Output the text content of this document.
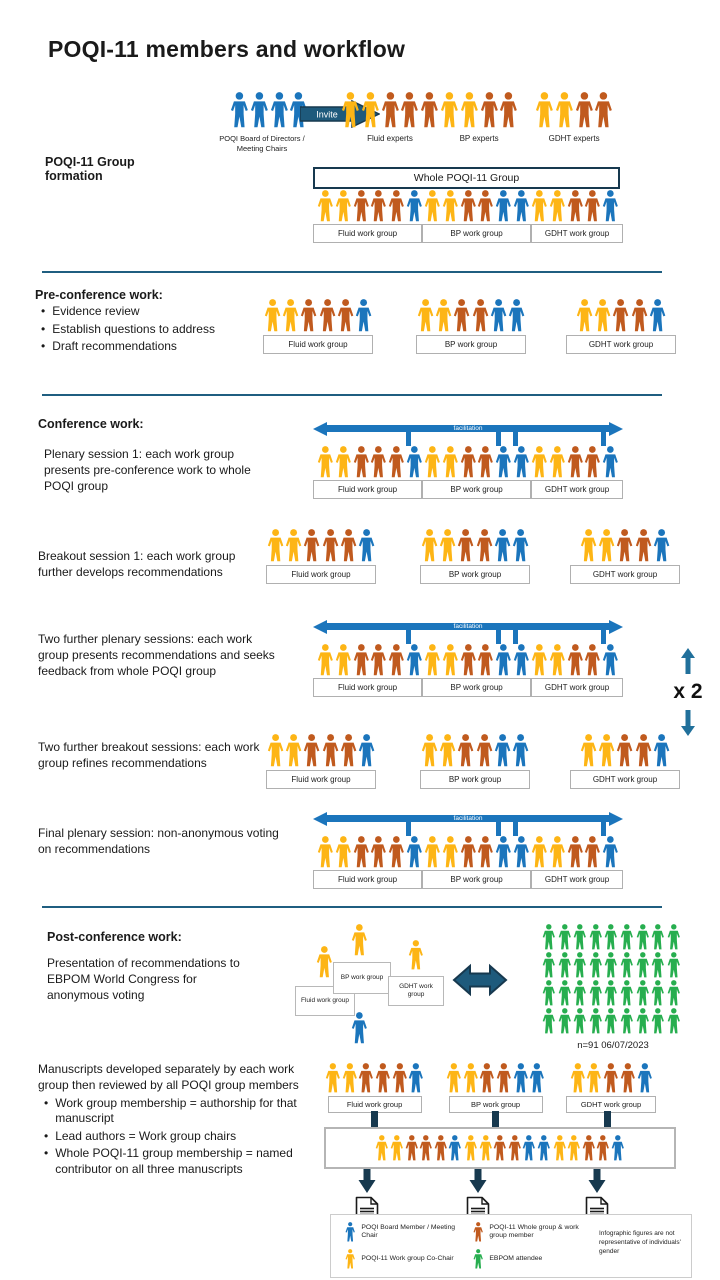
POQI-11 members and workflow
POQI Board of Directors / Meeting Chairs
Invite
Fluid experts	BP experts	GDHT experts
POQI-11 Group formation	Whole POQI-11 Group
Fluid work group	BP work group	GDHT work group
Pre-conference work:
• Evidence review
• Establish questions to address
• Draft recommendations	Fluid work group	BP work group	GDHT work group
Conference work:
Plenary session 1: each work group presents pre-conference work to whole POQI group
facilitation
Fluid work group	BP work group	GDHT work group
Breakout session 1: each work group further develops recommendations	Fluid work group	BP work group	GDHT work group
Two further plenary sessions: each work group presents recommendations and seeks feedback from whole POQI group
facilitation
Fluid work group	BP work group	GDHT work group	x 2
Two further breakout sessions: each work group refines recommendations
Fluid work group	BP work group	GDHT work group
Final plenary session: non-anonymous voting on recommendations
facilitation
Fluid work group	BP work group	GDHT work group
Post-conference work:
Presentation of recommendations to EBPOM World Congress for anonymous voting	Fluid work group
BP work group
GDHT work group
n=91 06/07/2023
Manuscripts developed separately by each work group then reviewed by all POQI group members
• Work group membership = authorship for that manuscript
• Lead authors = Work group chairs
• Whole POQI-11 group membership = named contributor on all three manuscripts
Fluid work group	BP work group	GDHT work group
POQI Board Member / Meeting Chair
POQI-11 Work group Co-Chair
POQI-11 Whole group & work group member
EBPOM attendee
Infographic figures are not representative of individuals' gender
